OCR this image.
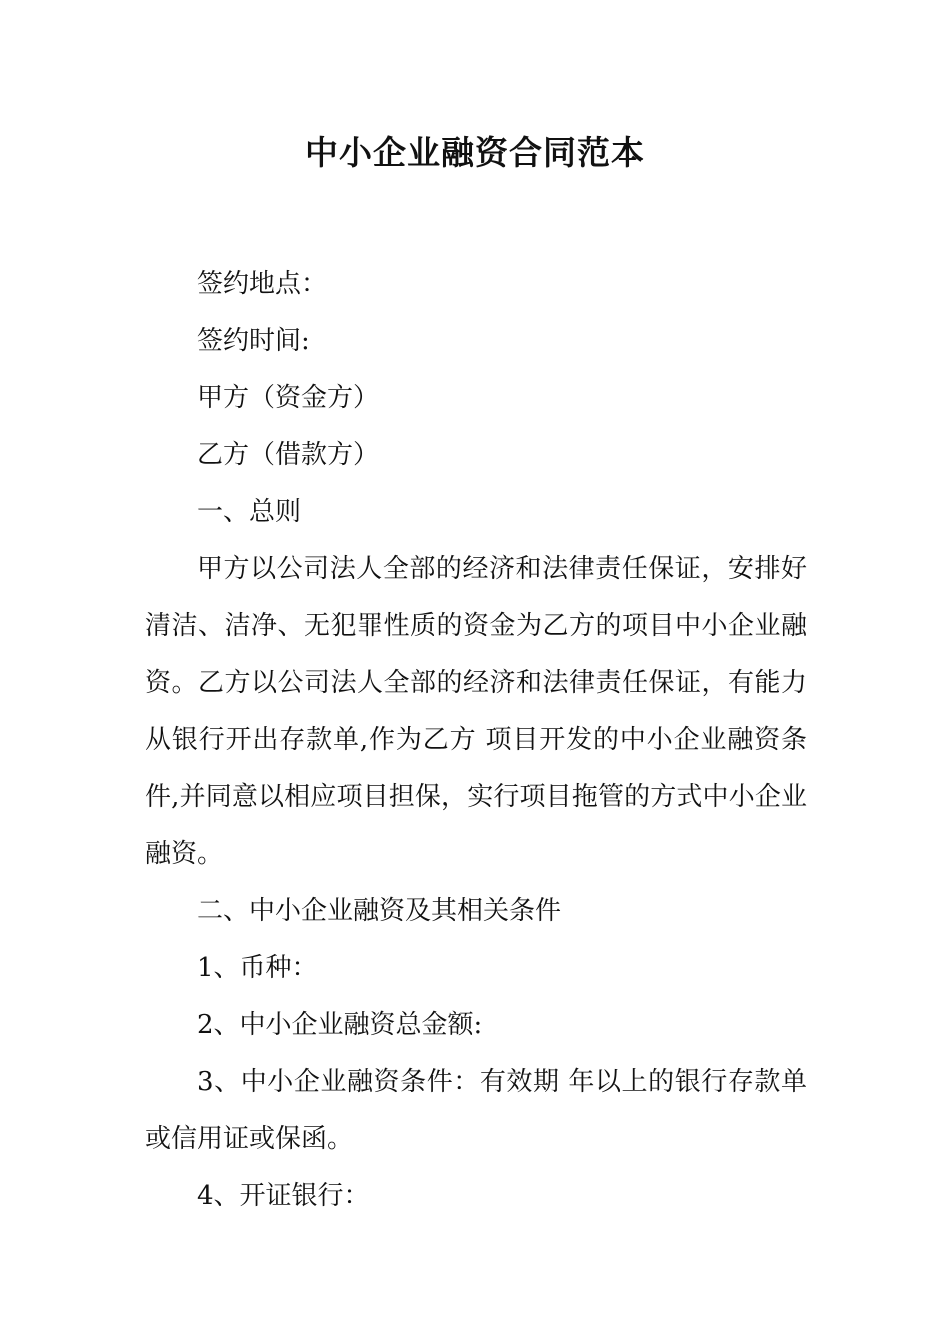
中小企业融资合同范本

签约地点：

签约时间:

甲方（资金方）

乙方（借款方）

一、总则

甲方以公司法人全部的经济和法律责任保证，安排好清洁、洁净、无犯罪性质的资金为乙方的项目中小企业融资。乙方以公司法人全部的经济和法律责任保证，有能力从银行开出存款单,作为乙方 项目开发的中小企业融资条件,并同意以相应项目担保，实行项目拖管的方式中小企业融资。

二、中小企业融资及其相关条件

1、币种：

2、中小企业融资总金额:

3、中小企业融资条件：有效期 年以上的银行存款单或信用证或保函。

4、开证银行：
